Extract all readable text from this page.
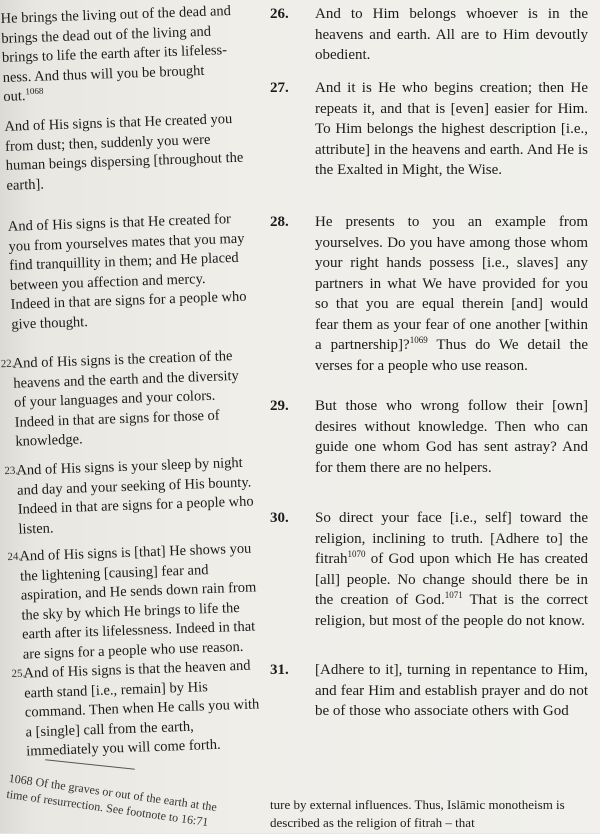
He brings the living out of the dead and brings the dead out of the living and brings to life the earth after its lifeless-ness. And thus will you be brought out.$^{1068}$
And of His signs is that He created you from dust; then, suddenly you were human beings dispersing [throughout the earth].
And of His signs is that He created for you from yourselves mates that you may find tranquillity in them; and He placed between you affection and mercy. Indeed in that are signs for a people who give thought.
22.
And of His signs is the creation of the heavens and the earth and the diversity of your languages and your colors. Indeed in that are signs for those of knowledge.
23.
And of His signs is your sleep by night and day and your seeking of His bounty. Indeed in that are signs for a people who listen.
24.
And of His signs is [that] He shows you the lightening [causing] fear and aspiration, and He sends down rain from the sky by which He brings to life the earth after its lifelessness. Indeed in that are signs for a people who use reason.
25.
And of His signs is that the heaven and earth stand [i.e., remain] by His command. Then when He calls you with a [single] call from the earth, immediately you will come forth.
1068 Of the graves or out of the earth at the time of resurrection. See footnote to 16:71
26.	And to Him belongs whoever is in the heavens and earth. All are to Him devoutly obedient.
27.	And it is He who begins creation; then He repeats it, and that is [even] easier for Him. To Him belongs the highest description [i.e., attribute] in the heavens and earth. And He is the Exalted in Might, the Wise.
28.	He presents to you an example from yourselves. Do you have among those whom your right hands possess [i.e., slaves] any partners in what We have provided for you so that you are equal therein [and] would fear them as your fear of one another [within a partnership]?$^{1069}$ Thus do We detail the verses for a people who use reason.
29.	But those who wrong follow their [own] desires without knowledge. Then who can guide one whom God has sent astray? And for them there are no helpers.
30.	So direct your face [i.e., self] toward the religion, inclining to truth. [Adhere to] the fitrah$^{1070}$ of God upon which He has created [all] people. No change should there be in the creation of God.$^{1071}$ That is the correct religion, but most of the people do not know.
31.	[Adhere to it], turning in repentance to Him, and fear Him and establish prayer and do not be of those who associate others with God
ture by external influences. Thus, Islāmic monotheism is described as the religion of fitrah – that
